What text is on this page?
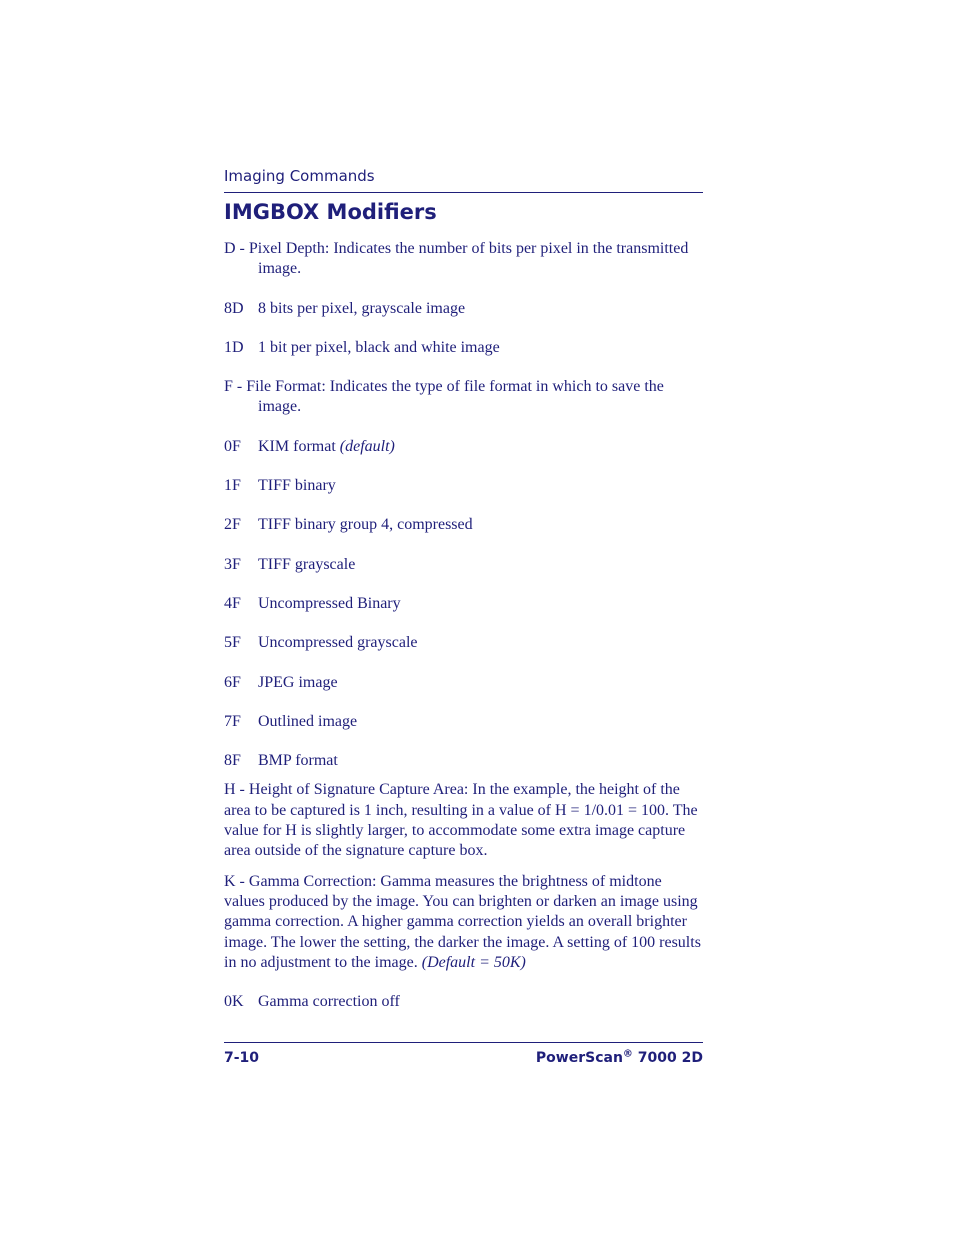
Imaging Commands
IMGBOX Modifiers

D - Pixel Depth: Indicates the number of bits per pixel in the transmitted image.

8D 8 bits per pixel, grayscale image
1D 1 bit per pixel, black and white image

F - File Format: Indicates the type of file format in which to save the image.

0F KIM format (default)
1F TIFF binary
2F TIFF binary group 4, compressed
3F TIFF grayscale
4F Uncompressed Binary
5F Uncompressed grayscale
6F JPEG image
7F Outlined image
8F BMP format

H - Height of Signature Capture Area: In the example, the height of the area to be captured is 1 inch, resulting in a value of H = 1/0.01 = 100. The value for H is slightly larger, to accommodate some extra image capture area outside of the signature capture box.

K - Gamma Correction: Gamma measures the brightness of midtone values produced by the image. You can brighten or darken an image using gamma correction. A higher gamma correction yields an overall brighter image. The lower the setting, the darker the image. A setting of 100 results in no adjustment to the image. (Default = 50K)

0K Gamma correction off
7-10	PowerScan® 7000 2D
